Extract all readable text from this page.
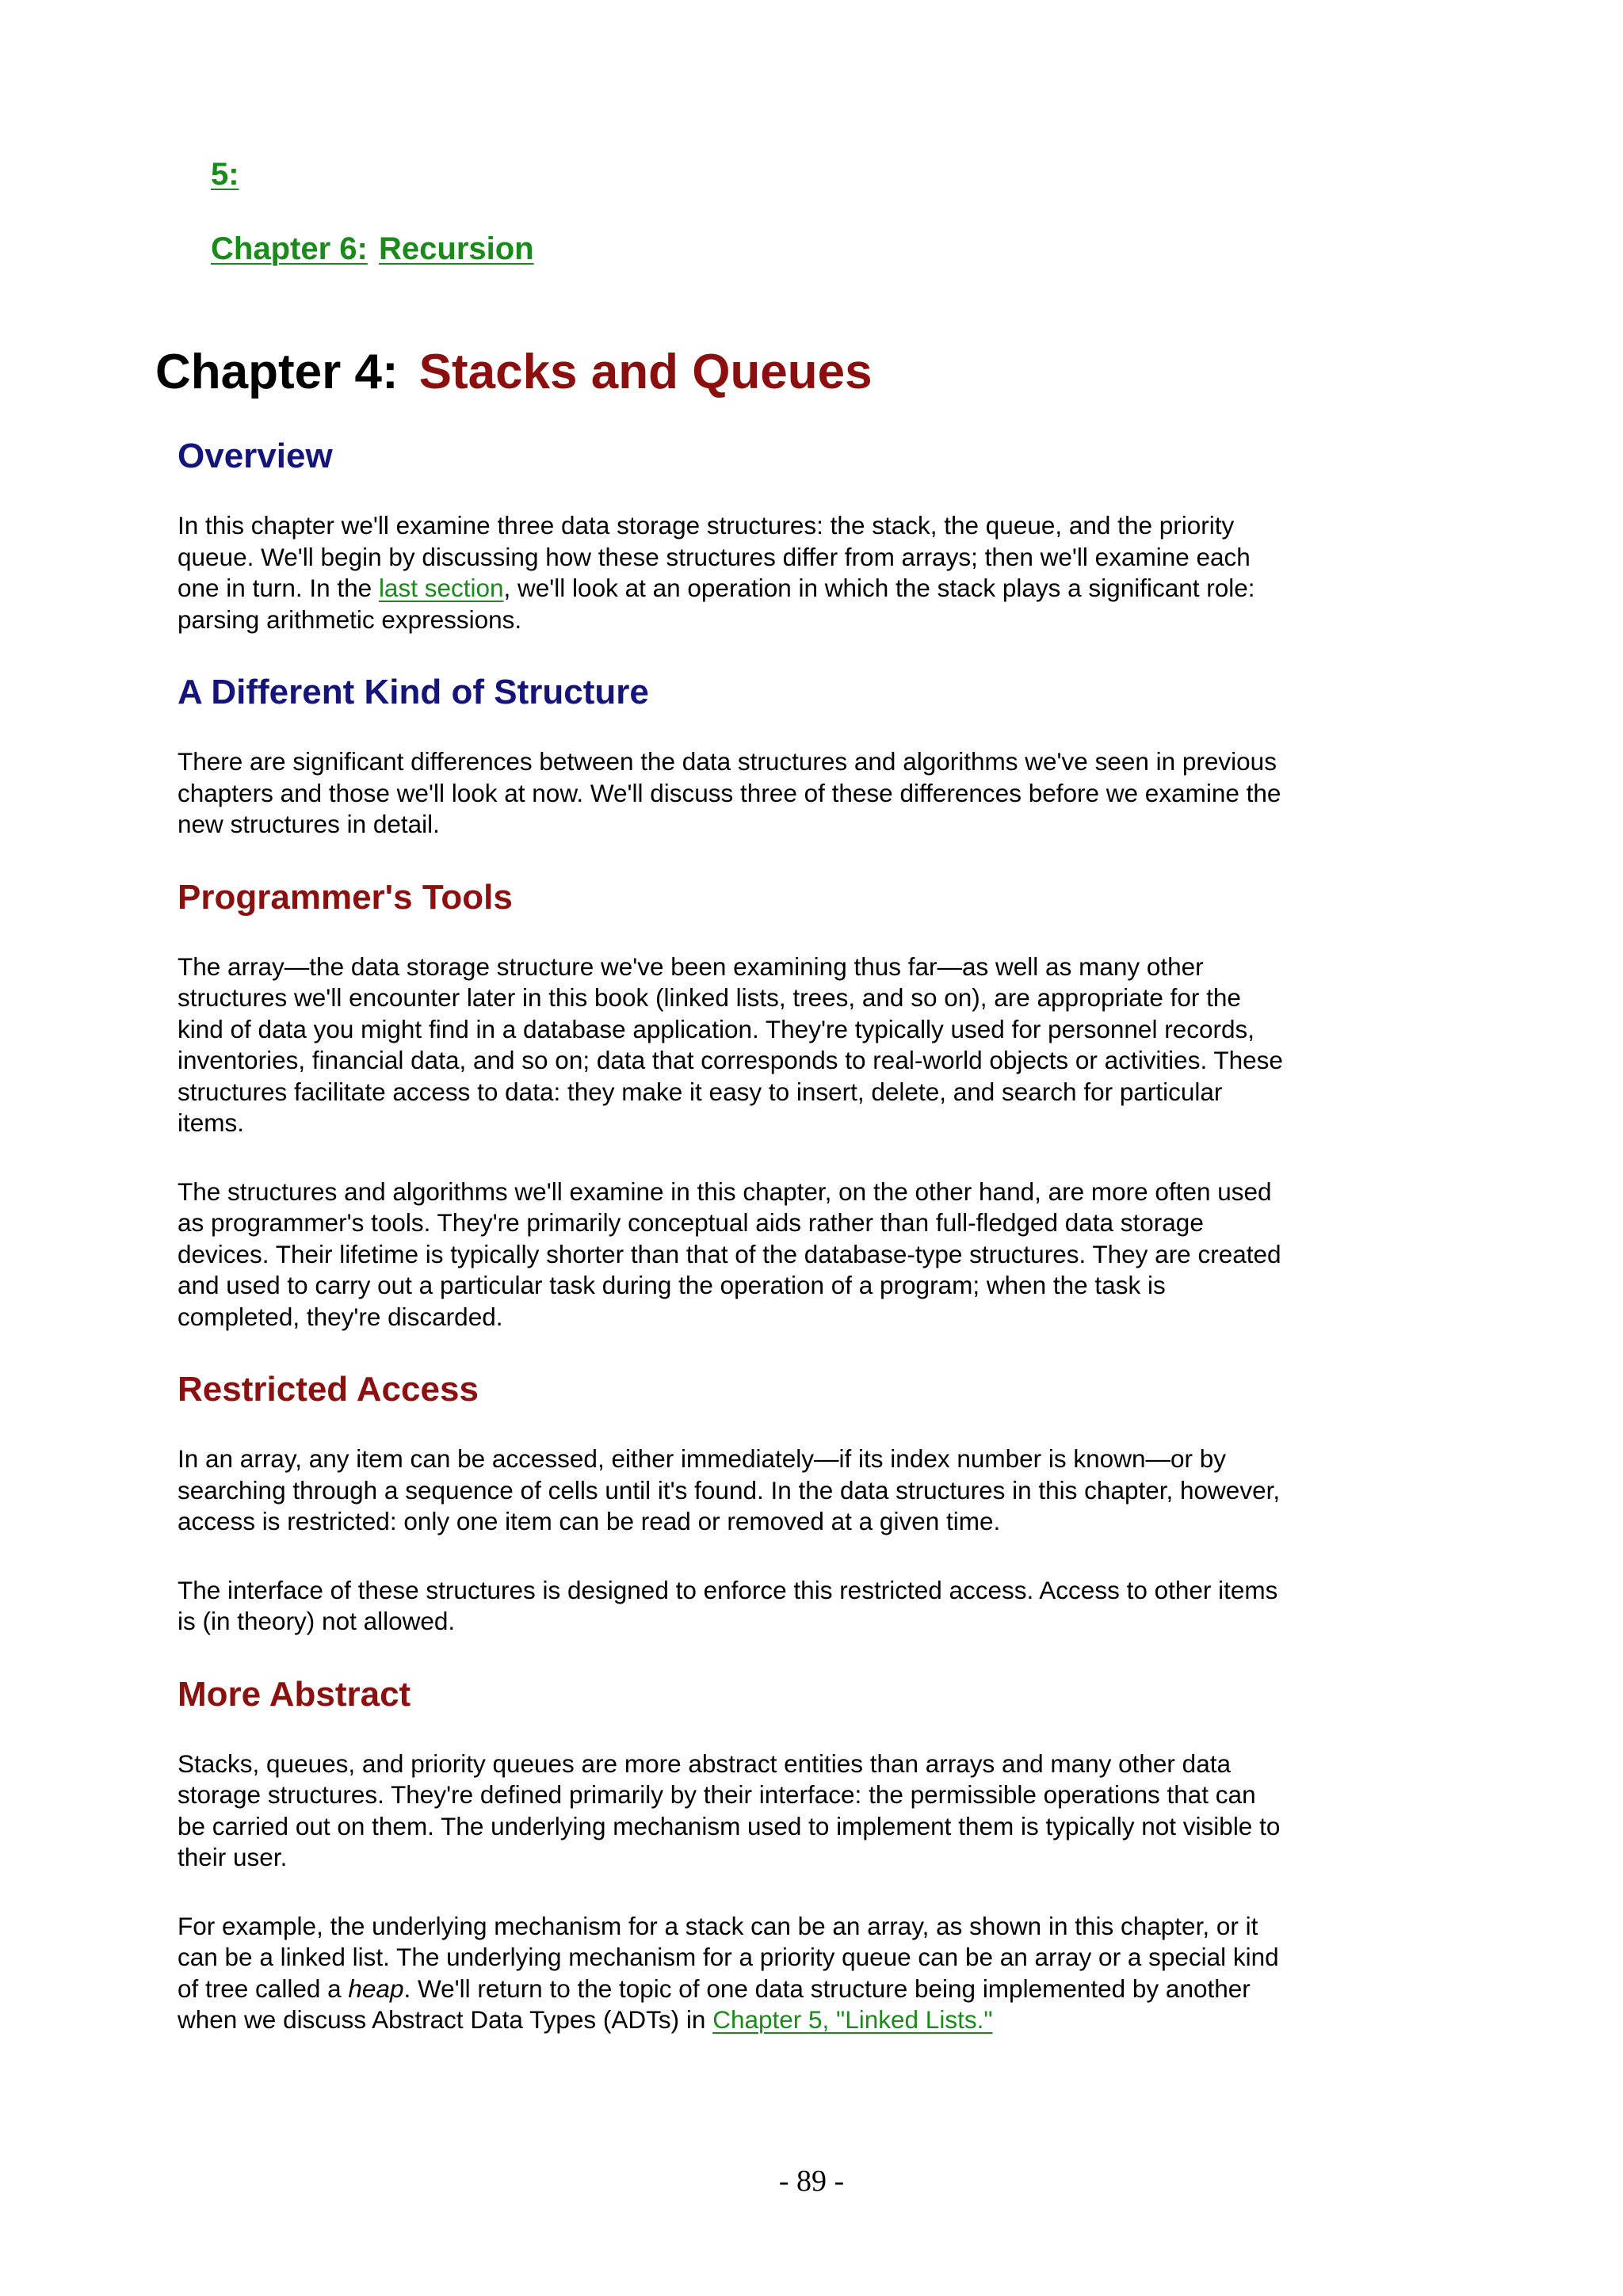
5:
Chapter 6: Recursion
Chapter 4: Stacks and Queues
Overview

In this chapter we'll examine three data storage structures: the stack, the queue, and the priority queue. We'll begin by discussing how these structures differ from arrays; then we'll examine each one in turn. In the last section, we'll look at an operation in which the stack plays a significant role: parsing arithmetic expressions.

A Different Kind of Structure

There are significant differences between the data structures and algorithms we've seen in previous chapters and those we'll look at now. We'll discuss three of these differences before we examine the new structures in detail.

Programmer's Tools

The array—the data storage structure we've been examining thus far—as well as many other structures we'll encounter later in this book (linked lists, trees, and so on), are appropriate for the kind of data you might find in a database application. They're typically used for personnel records, inventories, financial data, and so on; data that corresponds to real-world objects or activities. These structures facilitate access to data: they make it easy to insert, delete, and search for particular items.

The structures and algorithms we'll examine in this chapter, on the other hand, are more often used as programmer's tools. They're primarily conceptual aids rather than full-fledged data storage devices. Their lifetime is typically shorter than that of the database-type structures. They are created and used to carry out a particular task during the operation of a program; when the task is completed, they're discarded.

Restricted Access

In an array, any item can be accessed, either immediately—if its index number is known—or by searching through a sequence of cells until it's found. In the data structures in this chapter, however, access is restricted: only one item can be read or removed at a given time.

The interface of these structures is designed to enforce this restricted access. Access to other items is (in theory) not allowed.

More Abstract

Stacks, queues, and priority queues are more abstract entities than arrays and many other data storage structures. They're defined primarily by their interface: the permissible operations that can be carried out on them. The underlying mechanism used to implement them is typically not visible to their user.

For example, the underlying mechanism for a stack can be an array, as shown in this chapter, or it can be a linked list. The underlying mechanism for a priority queue can be an array or a special kind of tree called a heap. We'll return to the topic of one data structure being implemented by another when we discuss Abstract Data Types (ADTs) in Chapter 5, "Linked Lists."

- 89 -
